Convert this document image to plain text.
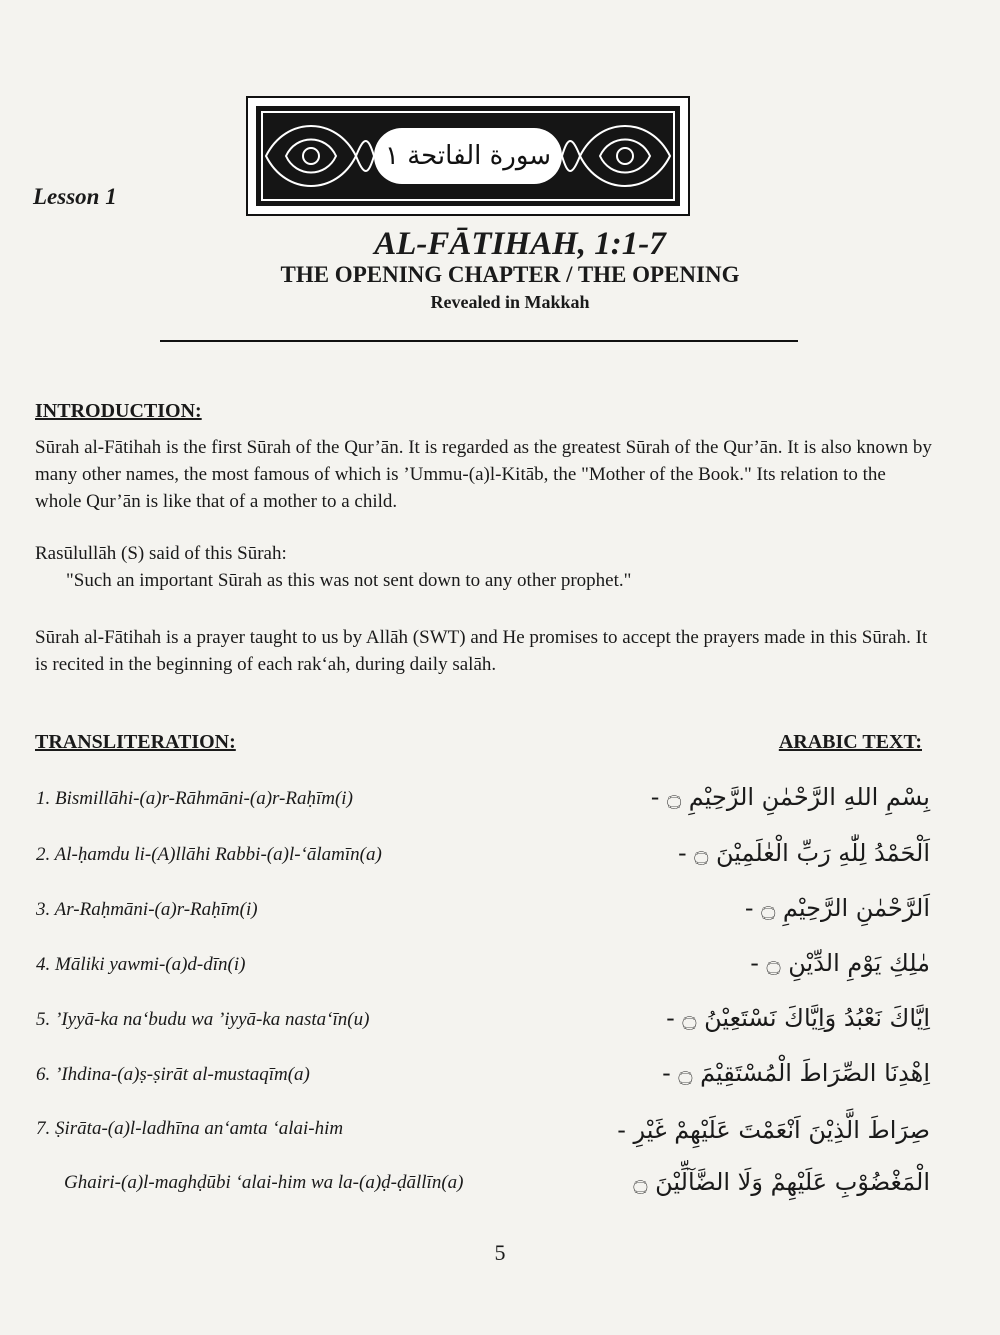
سورة الفاتحة ١
Lesson 1
AL-FĀTIHAH, 1:1-7
THE OPENING CHAPTER / THE OPENING
Revealed in Makkah
INTRODUCTION:
Sūrah al-Fātihah is the first Sūrah of the Qur’ān. It is regarded as the greatest Sūrah of the Qur’ān. It is also known by many other names, the most famous of which is ’Ummu-(a)l-Kitāb, the "Mother of the Book." Its relation to the whole Qur’ān is like that of a mother to a child.
Rasūlullāh (S) said of this Sūrah:
"Such an important Sūrah as this was not sent down to any other prophet."
Sūrah al-Fātihah is a prayer taught to us by Allāh (SWT) and He promises to accept the prayers made in this Sūrah. It is recited in the beginning of each rak‘ah, during daily salāh.
TRANSLITERATION:	ARABIC TEXT:
1. Bismillāhi-(a)r-Rāhmāni-(a)r-Raḥīm(i)	بِسْمِ اللهِ الرَّحْمٰنِ الرَّحِيْمِ ۝ -
2. Al-ḥamdu li-(A)llāhi Rabbi-(a)l-‘ālamīn(a)	اَلْحَمْدُ لِلّٰهِ رَبِّ الْعٰلَمِيْنَ ۝ -
3. Ar-Raḥmāni-(a)r-Raḥīm(i)	اَلرَّحْمٰنِ الرَّحِيْمِ ۝ -
4. Māliki yawmi-(a)d-dīn(i)	مٰلِكِ يَوْمِ الدِّيْنِ ۝ -
5. ’Iyyā-ka na‘budu wa ’iyyā-ka nasta‘īn(u)	اِيَّاكَ نَعْبُدُ وَاِيَّاكَ نَسْتَعِيْنُ ۝ -
6. ’Ihdina-(a)ṣ-ṣirāt al-mustaqīm(a)	اِهْدِنَا الصِّرَاطَ الْمُسْتَقِيْمَ ۝ -
7. Ṣirāta-(a)l-ladhīna an‘amta ‘alai-him	صِرَاطَ الَّذِيْنَ اَنْعَمْتَ عَلَيْهِمْ غَيْرِ -
Ghairi-(a)l-maghḍūbi ‘alai-him wa la-(a)ḍ-ḍāllīn(a)	الْمَغْضُوْبِ عَلَيْهِمْ وَلَا الضَّآلِّيْنَ ۝
5
